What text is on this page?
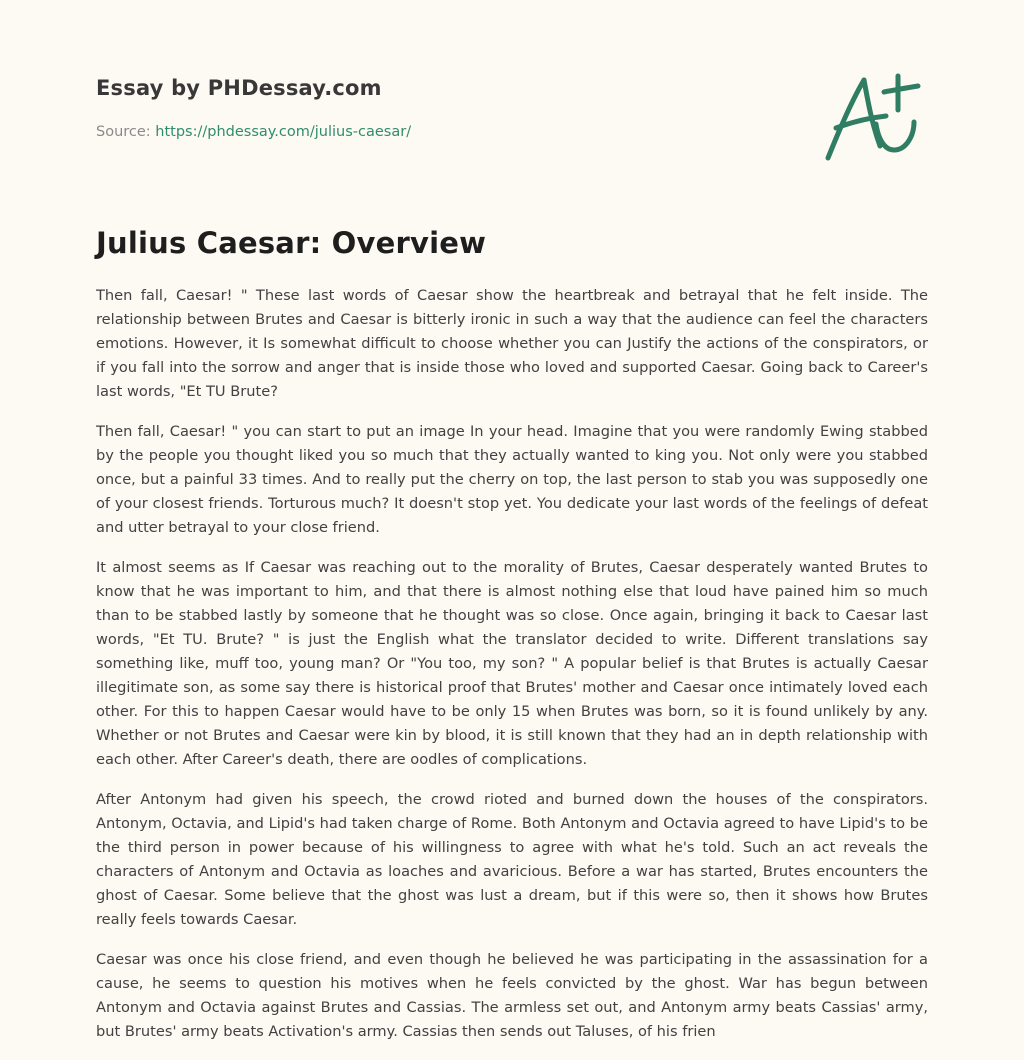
Essay by PHDessay.com

Source: https://phdessay.com/julius-caesar/

Julius Caesar: Overview

Then fall, Caesar! " These last words of Caesar show the heartbreak and betrayal that he felt inside. The relationship between Brutes and Caesar is bitterly ironic in such a way that the audience can feel the characters emotions. However, it Is somewhat difficult to choose whether you can Justify the actions of the conspirators, or if you fall into the sorrow and anger that is inside those who loved and supported Caesar. Going back to Career's last words, "Et TU Brute?

Then fall, Caesar! " you can start to put an image In your head. Imagine that you were randomly Ewing stabbed by the people you thought liked you so much that they actually wanted to king you. Not only were you stabbed once, but a painful 33 times. And to really put the cherry on top, the last person to stab you was supposedly one of your closest friends. Torturous much? It doesn't stop yet. You dedicate your last words of the feelings of defeat and utter betrayal to your close friend.

It almost seems as If Caesar was reaching out to the morality of Brutes, Caesar desperately wanted Brutes to know that he was important to him, and that there is almost nothing else that loud have pained him so much than to be stabbed lastly by someone that he thought was so close. Once again, bringing it back to Caesar last words, "Et TU. Brute? " is just the English what the translator decided to write. Different translations say something like, muff too, young man? Or "You too, my son? " A popular belief is that Brutes is actually Caesar illegitimate son, as some say there is historical proof that Brutes' mother and Caesar once intimately loved each other. For this to happen Caesar would have to be only 15 when Brutes was born, so it is found unlikely by any. Whether or not Brutes and Caesar were kin by blood, it is still known that they had an in depth relationship with each other. After Career's death, there are oodles of complications.

After Antonym had given his speech, the crowd rioted and burned down the houses of the conspirators. Antonym, Octavia, and Lipid's had taken charge of Rome. Both Antonym and Octavia agreed to have Lipid's to be the third person in power because of his willingness to agree with what he's told. Such an act reveals the characters of Antonym and Octavia as loaches and avaricious. Before a war has started, Brutes encounters the ghost of Caesar. Some believe that the ghost was lust a dream, but if this were so, then it shows how Brutes really feels towards Caesar.

Caesar was once his close friend, and even though he believed he was participating in the assassination for a cause, he seems to question his motives when he feels convicted by the ghost. War has begun between Antonym and Octavia against Brutes and Cassias. The armless set out, and Antonym army beats Cassias' army, but Brutes' army beats Activation's army. Cassias then sends out Taluses, of his frien
